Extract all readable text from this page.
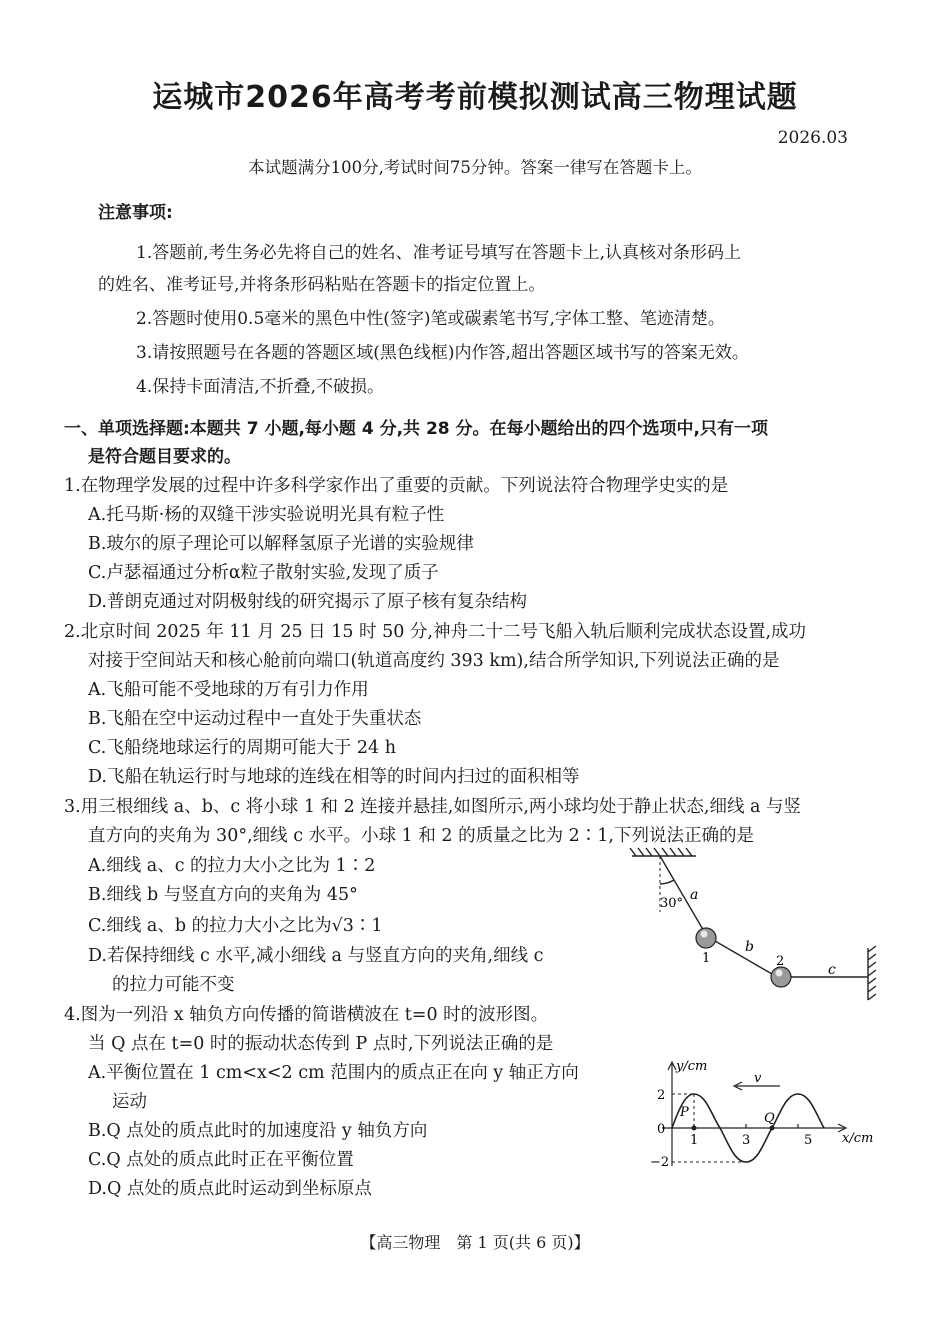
运城市2026年高考考前模拟测试高三物理试题
2026.03
本试题满分100分,考试时间75分钟。答案一律写在答题卡上。
注意事项:
1.答题前,考生务必先将自己的姓名、准考证号填写在答题卡上,认真核对条形码上
的姓名、准考证号,并将条形码粘贴在答题卡的指定位置上。
2.答题时使用0.5毫米的黑色中性(签字)笔或碳素笔书写,字体工整、笔迹清楚。
3.请按照题号在各题的答题区域(黑色线框)内作答,超出答题区域书写的答案无效。
4.保持卡面清洁,不折叠,不破损。
一、单项选择题:本题共 7 小题,每小题 4 分,共 28 分。在每小题给出的四个选项中,只有一项
是符合题目要求的。
1.在物理学发展的过程中许多科学家作出了重要的贡献。下列说法符合物理学史实的是
A.托马斯·杨的双缝干涉实验说明光具有粒子性
B.玻尔的原子理论可以解释氢原子光谱的实验规律
C.卢瑟福通过分析α粒子散射实验,发现了质子
D.普朗克通过对阴极射线的研究揭示了原子核有复杂结构
2.北京时间 2025 年 11 月 25 日 15 时 50 分,神舟二十二号飞船入轨后顺利完成状态设置,成功
对接于空间站天和核心舱前向端口(轨道高度约 393 km),结合所学知识,下列说法正确的是
A.飞船可能不受地球的万有引力作用
B.飞船在空中运动过程中一直处于失重状态
C.飞船绕地球运行的周期可能大于 24 h
D.飞船在轨运行时与地球的连线在相等的时间内扫过的面积相等
3.用三根细线 a、b、c 将小球 1 和 2 连接并悬挂,如图所示,两小球均处于静止状态,细线 a 与竖
直方向的夹角为 30°,细线 c 水平。小球 1 和 2 的质量之比为 2∶1,下列说法正确的是
A.细线 a、c 的拉力大小之比为 1∶2
B.细线 b 与竖直方向的夹角为 45°
C.细线 a、b 的拉力大小之比为√3∶1
D.若保持细线 c 水平,减小细线 a 与竖直方向的夹角,细线 c
的拉力可能不变
30°
a
b
c
1	2
4.图为一列沿 x 轴负方向传播的简谐横波在 t=0 时的波形图。
当 Q 点在 t=0 时的振动状态传到 P 点时,下列说法正确的是
A.平衡位置在 1 cm<x<2 cm 范围内的质点正在向 y 轴正方向
运动
B.Q 点处的质点此时的加速度沿 y 轴负方向
C.Q 点处的质点此时正在平衡位置
D.Q 点处的质点此时运动到坐标原点
y/cm
x/cm
v
2
0
−2
1	3	5
P	Q
【高三物理　第 1 页(共 6 页)】
